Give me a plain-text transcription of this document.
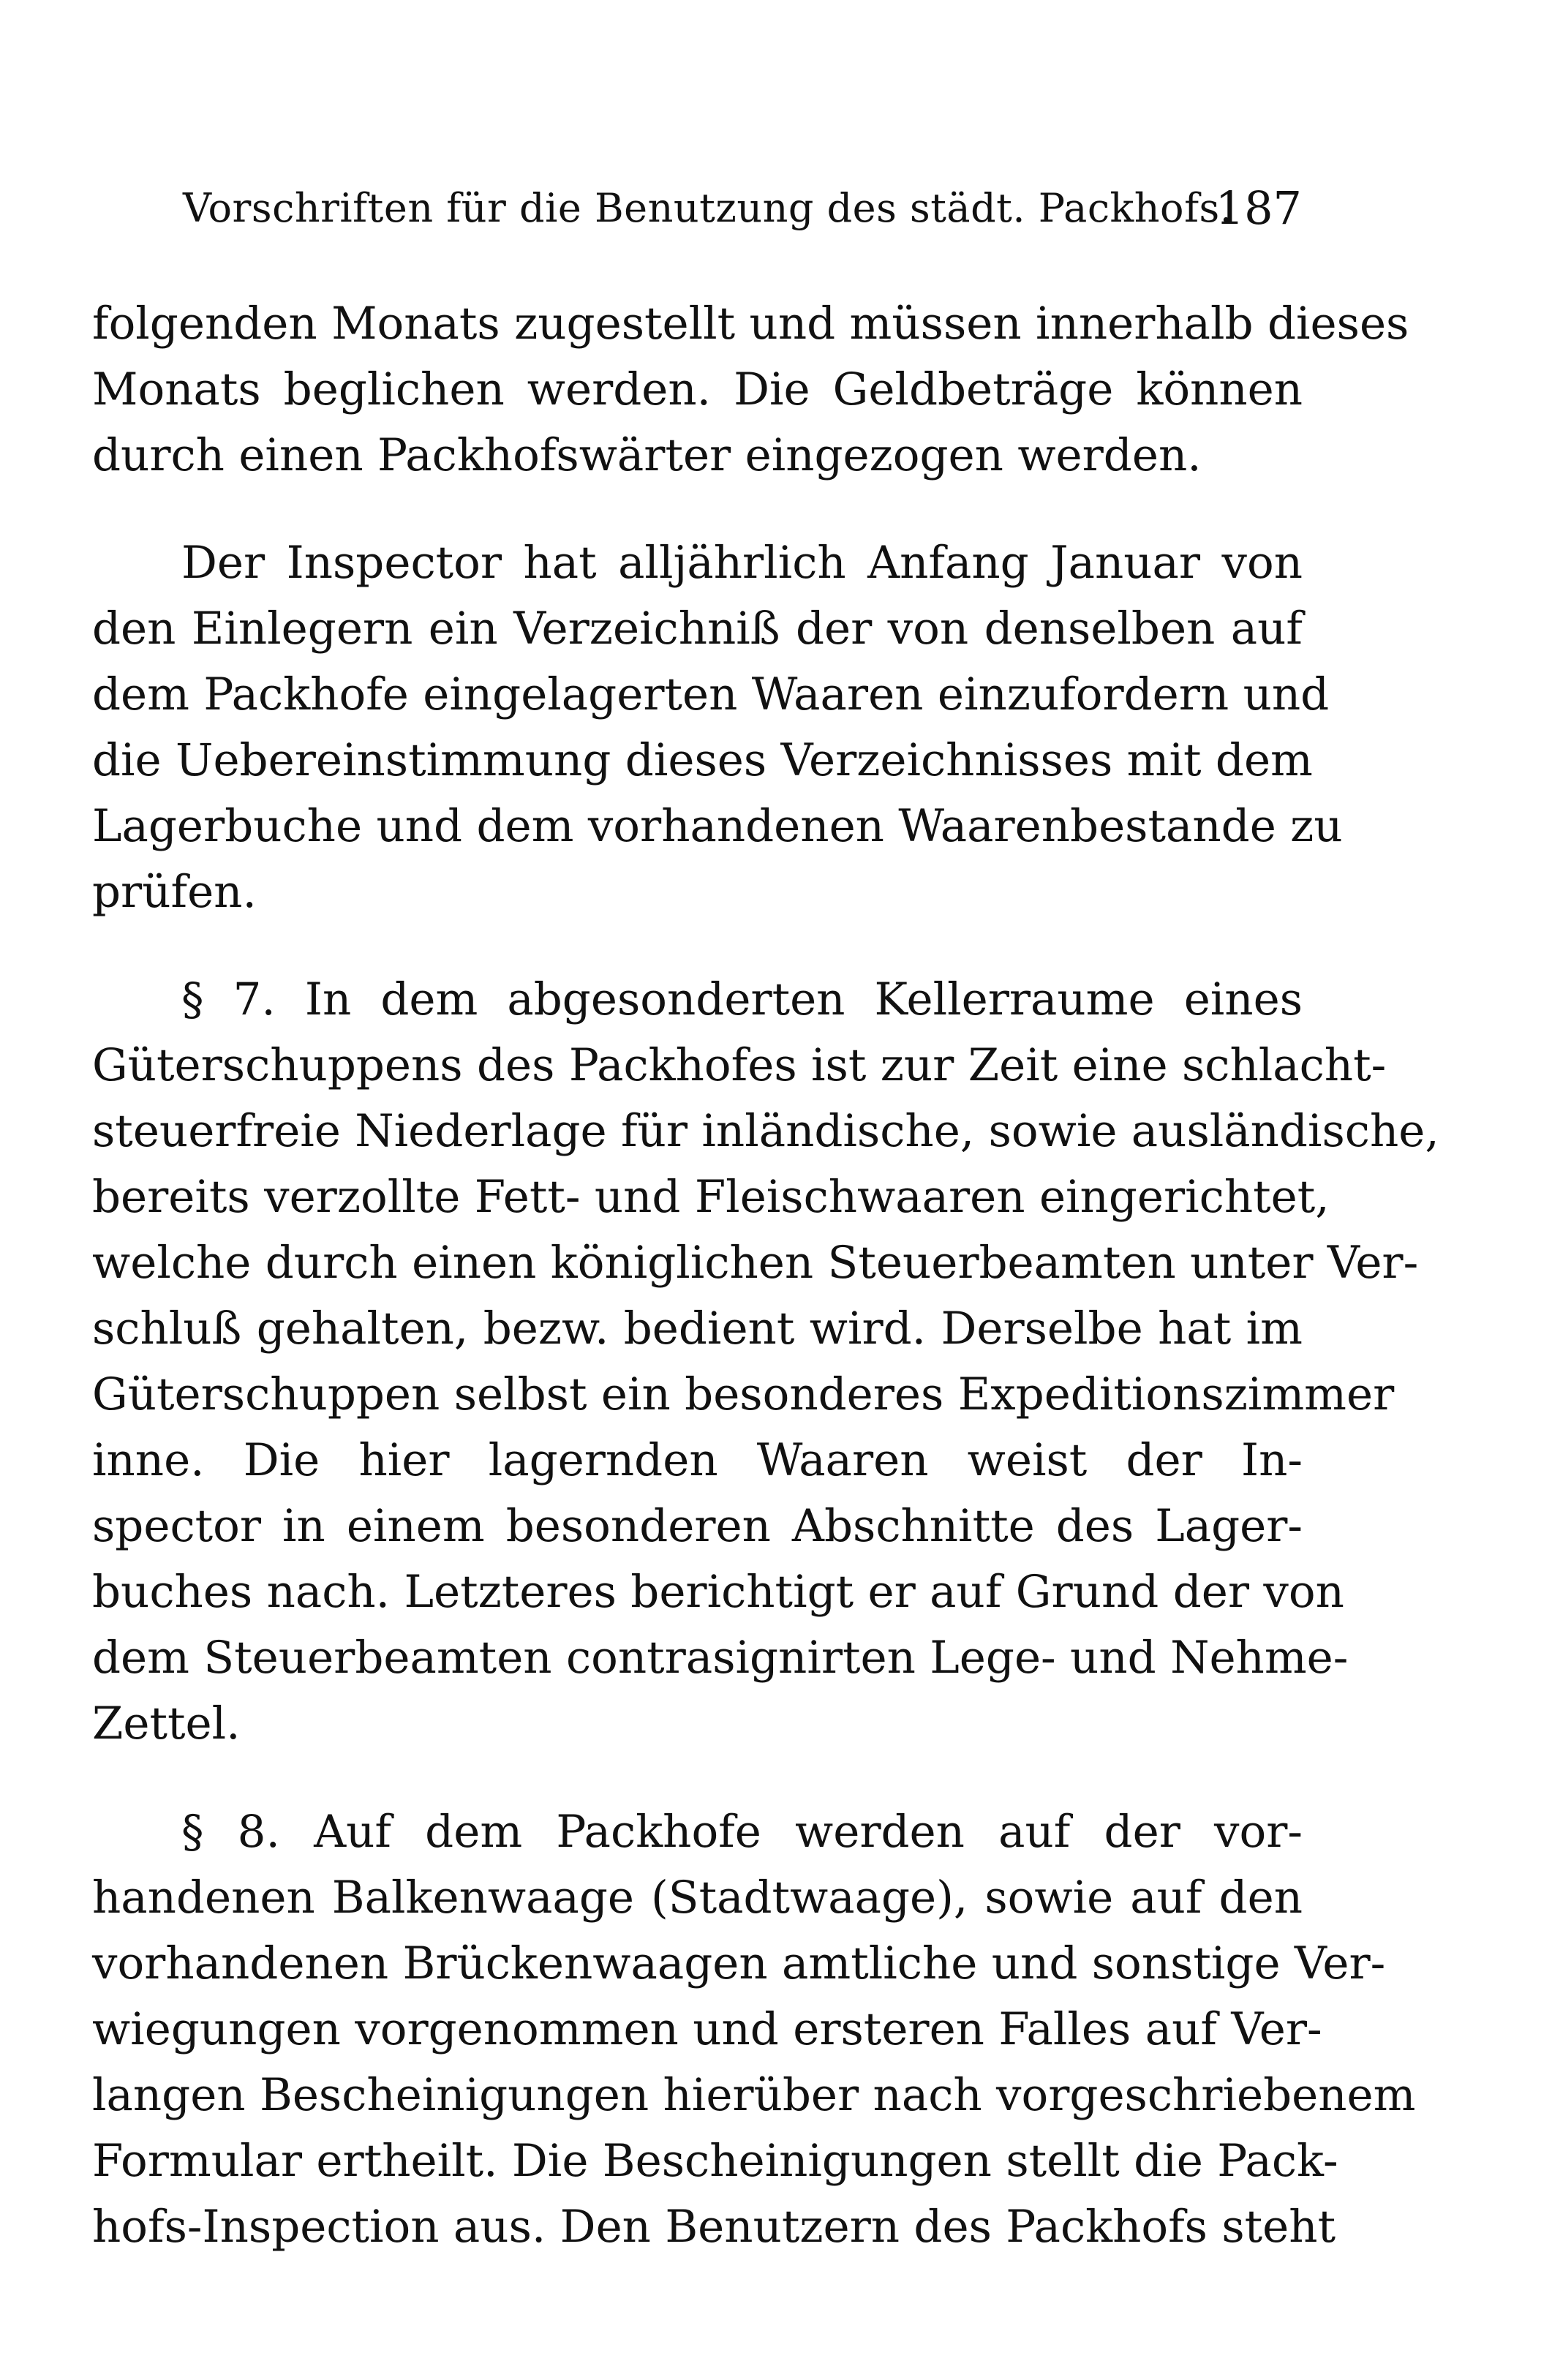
Vorschriften für die Benutzung des städt. Packhofs.
187
folgenden Monats zugestellt und müssen innerhalb dieses
Monats beglichen werden. Die Geldbeträge können
durch einen Packhofswärter eingezogen werden.
Der Inspector hat alljährlich Anfang Januar von
den Einlegern ein Verzeichniß der von denselben auf
dem Packhofe eingelagerten Waaren einzufordern und
die Uebereinstimmung dieses Verzeichnisses mit dem
Lagerbuche und dem vorhandenen Waarenbestande zu
prüfen.
§ 7. In dem abgesonderten Kellerraume eines
Güterschuppens des Packhofes ist zur Zeit eine schlacht-
steuerfreie Niederlage für inländische, sowie ausländische,
bereits verzollte Fett- und Fleischwaaren eingerichtet,
welche durch einen königlichen Steuerbeamten unter Ver-
schluß gehalten, bezw. bedient wird. Derselbe hat im
Güterschuppen selbst ein besonderes Expeditionszimmer
inne. Die hier lagernden Waaren weist der In-
spector in einem besonderen Abschnitte des Lager-
buches nach. Letzteres berichtigt er auf Grund der von
dem Steuerbeamten contrasignirten Lege- und Nehme-
Zettel.
§ 8. Auf dem Packhofe werden auf der vor-
handenen Balkenwaage (Stadtwaage), sowie auf den
vorhandenen Brückenwaagen amtliche und sonstige Ver-
wiegungen vorgenommen und ersteren Falles auf Ver-
langen Bescheinigungen hierüber nach vorgeschriebenem
Formular ertheilt. Die Bescheinigungen stellt die Pack-
hofs-Inspection aus. Den Benutzern des Packhofs steht
